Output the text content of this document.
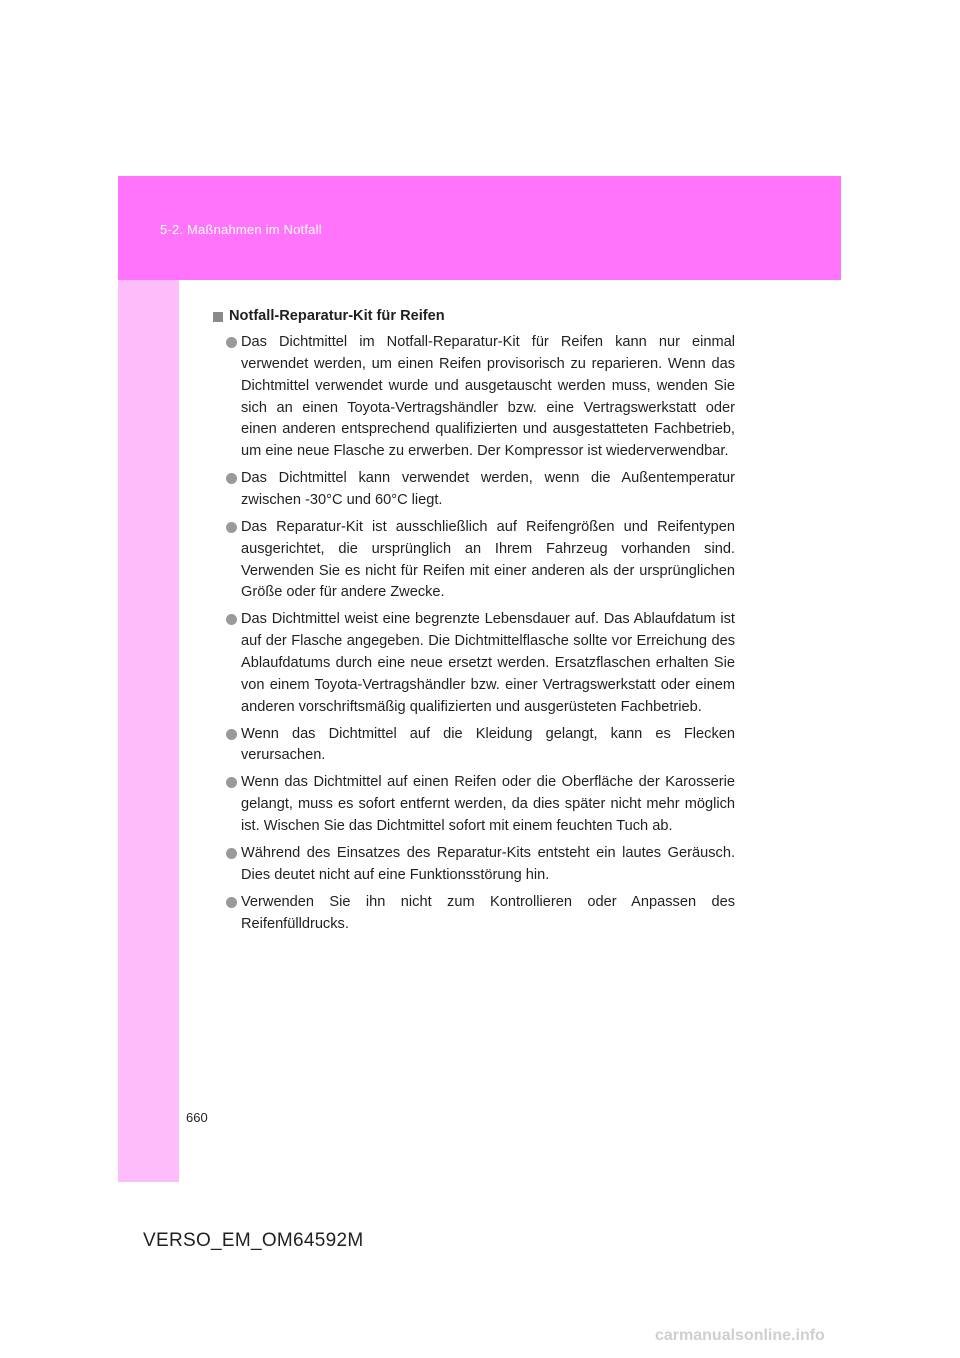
5-2. Maßnahmen im Notfall
Notfall-Reparatur-Kit für Reifen
Das Dichtmittel im Notfall-Reparatur-Kit für Reifen kann nur einmal verwendet werden, um einen Reifen provisorisch zu reparieren. Wenn das Dichtmittel verwendet wurde und ausgetauscht werden muss, wenden Sie sich an einen Toyota-Vertragshändler bzw. eine Vertragswerkstatt oder einen anderen entsprechend qualifizierten und ausgestatteten Fachbetrieb, um eine neue Flasche zu erwerben. Der Kompressor ist wiederverwendbar.
Das Dichtmittel kann verwendet werden, wenn die Außentemperatur zwischen -30°C und 60°C liegt.
Das Reparatur-Kit ist ausschließlich auf Reifengrößen und Reifentypen ausgerichtet, die ursprünglich an Ihrem Fahrzeug vorhanden sind. Verwenden Sie es nicht für Reifen mit einer anderen als der ursprünglichen Größe oder für andere Zwecke.
Das Dichtmittel weist eine begrenzte Lebensdauer auf. Das Ablaufdatum ist auf der Flasche angegeben. Die Dichtmittelflasche sollte vor Erreichung des Ablaufdatums durch eine neue ersetzt werden. Ersatzflaschen erhalten Sie von einem Toyota-Vertragshändler bzw. einer Vertragswerkstatt oder einem anderen vorschriftsmäßig qualifizierten und ausgerüsteten Fachbetrieb.
Wenn das Dichtmittel auf die Kleidung gelangt, kann es Flecken verursachen.
Wenn das Dichtmittel auf einen Reifen oder die Oberfläche der Karosserie gelangt, muss es sofort entfernt werden, da dies später nicht mehr möglich ist. Wischen Sie das Dichtmittel sofort mit einem feuchten Tuch ab.
Während des Einsatzes des Reparatur-Kits entsteht ein lautes Geräusch. Dies deutet nicht auf eine Funktionsstörung hin.
Verwenden Sie ihn nicht zum Kontrollieren oder Anpassen des Reifenfülldrucks.
660
VERSO_EM_OM64592M
carmanualsonline.info
